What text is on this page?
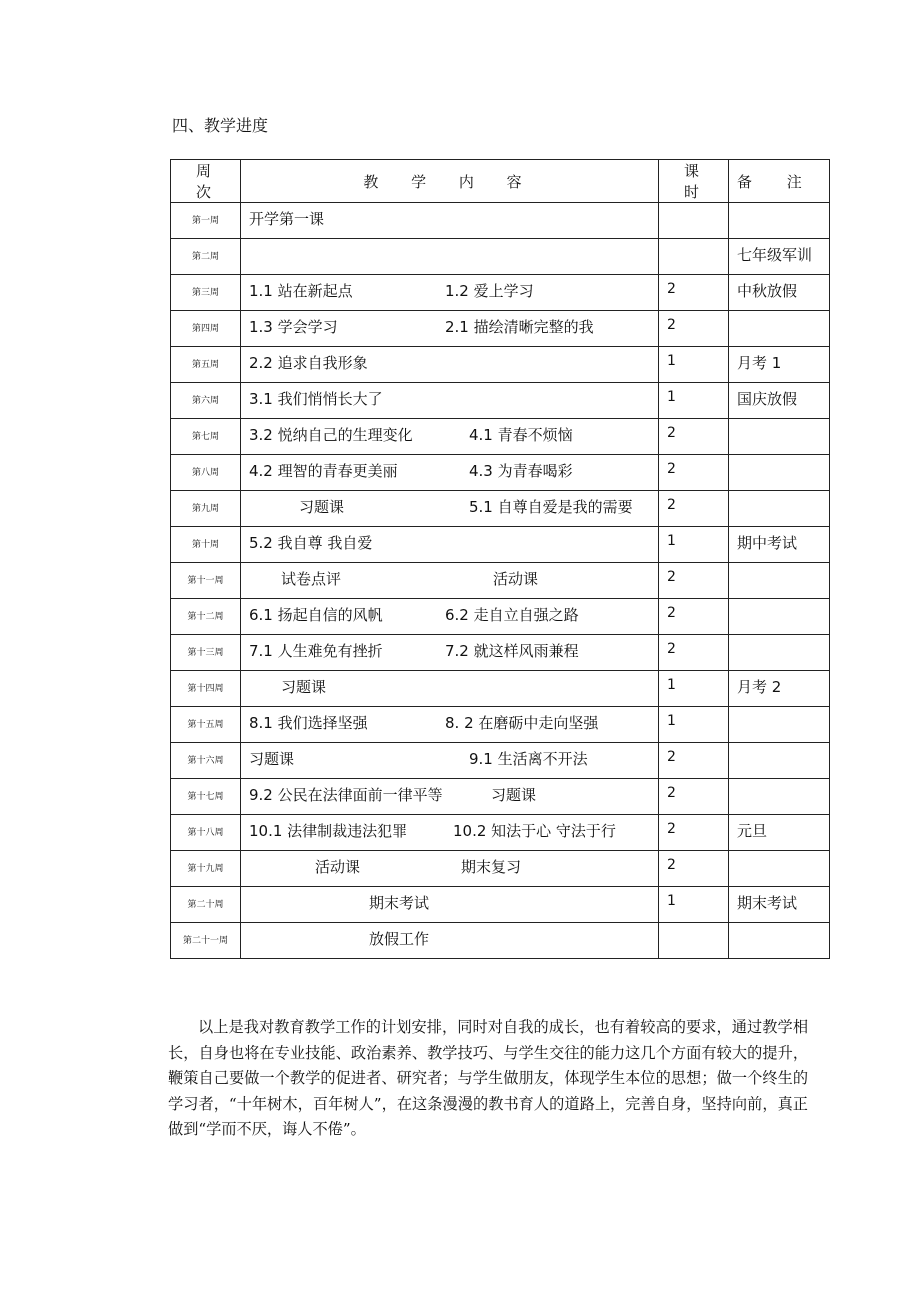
四、教学进度
周 次	教 学 内 容	课 时	备 注
第一周	开学第一课		

第二周			七年级军训
第三周	1.1 站在新起点 1.2 爱上学习	2	中秋放假
第四周	1.3 学会学习 2.1 描绘清晰完整的我	2	
第五周	2.2 追求自我形象	1	月考 1
第六周	3.1 我们悄悄长大了	1	国庆放假
第七周	3.2 悦纳自己的生理变化 4.1 青春不烦恼	2	
第八周	4.2 理智的青春更美丽 4.3 为青春喝彩	2	
第九周	习题课 5.1 自尊自爱是我的需要	2	
第十周	5.2 我自尊 我自爱	1	期中考试
第十一周	试卷点评 活动课	2	
第十二周	6.1 扬起自信的风帆 6.2 走自立自强之路	2	
第十三周	7.1 人生难免有挫折 7.2 就这样风雨兼程	2	
第十四周	习题课	1	月考 2
第十五周	8.1 我们选择坚强 8. 2 在磨砺中走向坚强	1	
第十六周	习题课 9.1 生活离不开法	2	
第十七周	9.2 公民在法律面前一律平等 习题课	2	
第十八周	10.1 法律制裁违法犯罪 10.2 知法于心 守法于行	2	元旦
第十九周	活动课 期末复习	2	
第二十周	期末考试	1	期末考试
第二十一周	放假工作		

以上是我对教育教学工作的计划安排，同时对自我的成长，也有着较高的要求，通过教学相长，自身也将在专业技能、政治素养、教学技巧、与学生交往的能力这几个方面有较大的提升，鞭策自己要做一个教学的促进者、研究者；与学生做朋友，体现学生本位的思想；做一个终生的学习者，“十年树木，百年树人”，在这条漫漫的教书育人的道路上，完善自身，坚持向前，真正做到“学而不厌，诲人不倦”。
